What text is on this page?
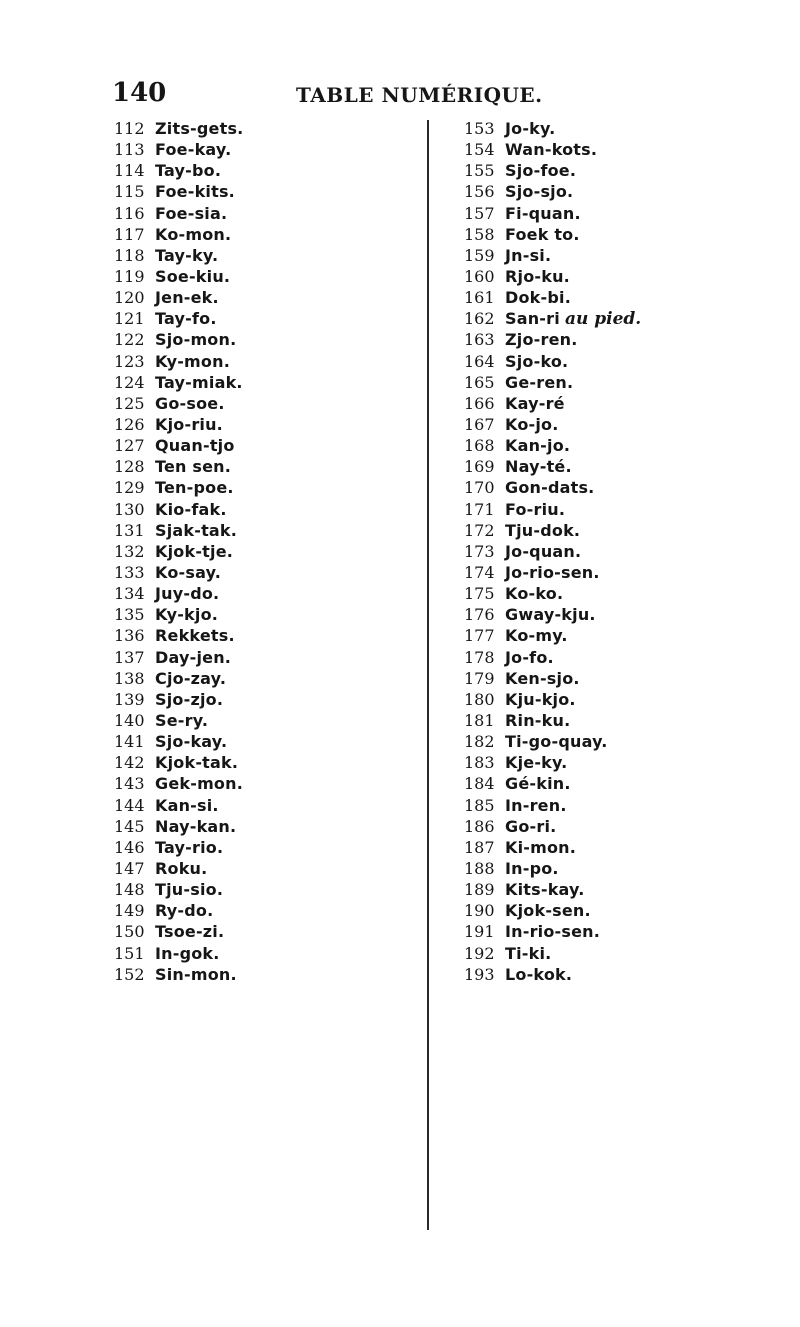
140	TABLE NUMÉRIQUE.
112 Zits-gets.
113 Foe-kay.
114 Tay-bo.
115 Foe-kits.
116 Foe-sia.
117 Ko-mon.
118 Tay-ky.
119 Soe-kiu.
120 Jen-ek.
121 Tay-fo.
122 Sjo-mon.
123 Ky-mon.
124 Tay-miak.
125 Go-soe.
126 Kjo-riu.
127 Quan-tjo
128 Ten sen.
129 Ten-poe.
130 Kio-fak.
131 Sjak-tak.
132 Kjok-tje.
133 Ko-say.
134 Juy-do.
135 Ky-kjo.
136 Rekkets.
137 Day-jen.
138 Cjo-zay.
139 Sjo-zjo.
140 Se-ry.
141 Sjo-kay.
142 Kjok-tak.
143 Gek-mon.
144 Kan-si.
145 Nay-kan.
146 Tay-rio.
147 Roku.
148 Tju-sio.
149 Ry-do.
150 Tsoe-zi.
151 In-gok.
152 Sin-mon.
153 Jo-ky.
154 Wan-kots.
155 Sjo-foe.
156 Sjo-sjo.
157 Fi-quan.
158 Foek to.
159 Jn-si.
160 Rjo-ku.
161 Dok-bi.
162 San-ri au pied.
163 Zjo-ren.
164 Sjo-ko.
165 Ge-ren.
166 Kay-ré
167 Ko-jo.
168 Kan-jo.
169 Nay-té.
170 Gon-dats.
171 Fo-riu.
172 Tju-dok.
173 Jo-quan.
174 Jo-rio-sen.
175 Ko-ko.
176 Gway-kju.
177 Ko-my.
178 Jo-fo.
179 Ken-sjo.
180 Kju-kjo.
181 Rin-ku.
182 Ti-go-quay.
183 Kje-ky.
184 Gé-kin.
185 In-ren.
186 Go-ri.
187 Ki-mon.
188 In-po.
189 Kits-kay.
190 Kjok-sen.
191 In-rio-sen.
192 Ti-ki.
193 Lo-kok.
